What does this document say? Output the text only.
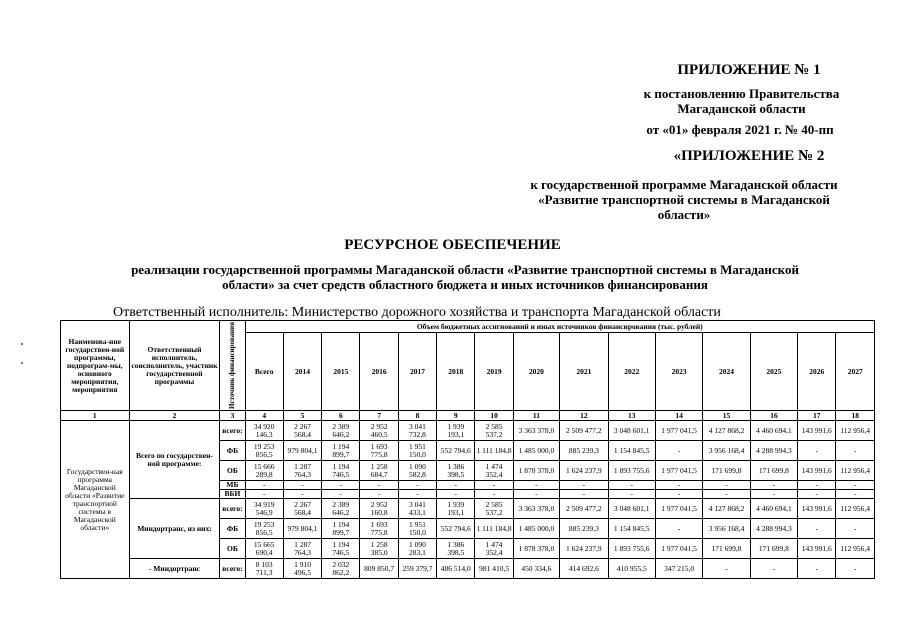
ПРИЛОЖЕНИЕ № 1
к постановлению Правительства Магаданской области
от «01» февраля 2021 г. № 40-пп
«ПРИЛОЖЕНИЕ № 2
к государственной программе Магаданской области «Развитие транспортной системы в Магаданской области»
РЕСУРСНОЕ ОБЕСПЕЧЕНИЕ
реализации государственной программы Магаданской области «Развитие транспортной системы в Магаданской области» за счет средств областного бюджета и иных источников финансирования
Ответственный исполнитель: Министерство дорожного хозяйства и транспорта Магаданской области
Наименова-ние государствен-ной программы, подпрограм-мы, основного мероприятия, мероприятия	Ответственный исполнитель, соисполнитель, участник государственной программы	Источник финансирования	Объем бюджетных ассигнований и иных источников финансирования (тыс. рублей)														
			Всего	2014	2015	2016	2017	2018	2019	2020	2021	2022	2023	2024	2025	2026	2027
1	2	3	4	5	6	7	8	9	10	11	12	13	14	15	16	17	18
Государствен-ная программа Магаданской области «Развитие транспортной системы в Магаданской области»	Всего по государствен-ной программе:	всего:	34 920 146,3	2 267 568,4	2 389 646,2	2 952 460,5	3 041 732,8	1 939 193,1	2 585 537,2	3 363 378,0	2 509 477,2	3 048 601,1	1 977 041,5	4 127 868,2	4 460 694,1	143 991,6	112 956,4
		ФБ	19 253 856,5	979 804,1	1 194 899,7	1 693 775,8	1 951 150,0	552 794,6	1 111 184,8	1 485 000,0	885 239,3	1 154 845,5	-	3 956 168,4	4 288 994,3	-	-
		ОБ	15 666 289,8	1 287 764,3	1 194 746,5	1 258 684,7	1 090 582,8	1 386 398,5	1 474 352,4	1 878 378,0	1 624 237,9	1 893 755,6	1 977 041,5	171 699,8	171 699,8	143 991,6	112 956,4
		МБ	-	-	-	-	-	-	-	-	-	-	-	-	-	-	-
		ВБИ	-	-	-	-	-	-	-	-	-	-	-	-	-	-	-
	Миндортранс, из них:	всего:	34 919 546,9	2 267 568,4	2 389 646,2	2 952 160,8	3 041 433,1	1 939 193,1	2 585 537,2	3 363 378,0	2 509 477,2	3 048 601,1	1 977 041,5	4 127 868,2	4 460 694,1	143 991,6	112 956,4
		ФБ	19 253 856,5	979 804,1	1 194 899,7	1 693 775,8	1 951 150,0	552 794,6	1 111 184,8	1 485 000,0	885 239,3	1 154 845,5	-	3 956 168,4	4 288 994,3	-	-
		ОБ	15 665 690,4	1 287 764,3	1 194 746,5	1 258 385,0	1 090 283,1	1 386 398,5	1 474 352,4	1 878 378,0	1 624 237,9	1 893 755,6	1 977 041,5	171 699,8	171 699,8	143 991,6	112 956,4
	- Миндортранс	всего:	8 103 711,3	1 910 496,5	2 032 862,2	809 850,7	259 379,7	486 514,0	981 410,5	450 334,6	414 692,6	410 955,5	347 215,0	-	-	-	-
